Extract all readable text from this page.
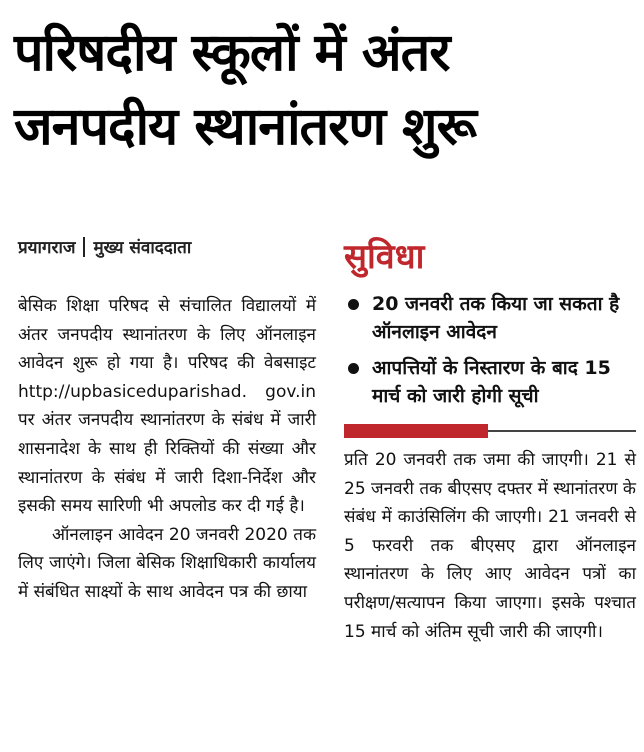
परिषदीय स्कूलों में अंतर
जनपदीय स्थानांतरण शुरू
प्रयागराज मुख्य संवाददाता

बेसिक शिक्षा परिषद से संचालित विद्यालयों में अंतर जनपदीय स्थानांतरण के लिए ऑनलाइन आवेदन शुरू हो गया है। परिषद की वेबसाइट http://upbasiceduparishad. gov.in पर अंतर जनपदीय स्थानांतरण के संबंध में जारी शासनादेश के साथ ही रिक्तियों की संख्या और स्थानांतरण के संबंध में जारी दिशा-निर्देश और इसकी समय सारिणी भी अपलोड कर दी गई है।

ऑनलाइन आवेदन 20 जनवरी 2020 तक लिए जाएंगे। जिला बेसिक शिक्षाधिकारी कार्यालय में संबंधित साक्ष्यों के साथ आवेदन पत्र की छाया

सुविधा
20 जनवरी तक किया जा सकता है ऑनलाइन आवेदन
आपत्तियों के निस्तारण के बाद 15 मार्च को जारी होगी सूची
प्रति 20 जनवरी तक जमा की जाएगी। 21 से 25 जनवरी तक बीएसए दफ्तर में स्थानांतरण के संबंध में काउंसिलिंग की जाएगी। 21 जनवरी से 5 फरवरी तक बीएसए द्वारा ऑनलाइन स्थानांतरण के लिए आए आवेदन पत्रों का परीक्षण/सत्यापन किया जाएगा। इसके पश्चात 15 मार्च को अंतिम सूची जारी की जाएगी।
